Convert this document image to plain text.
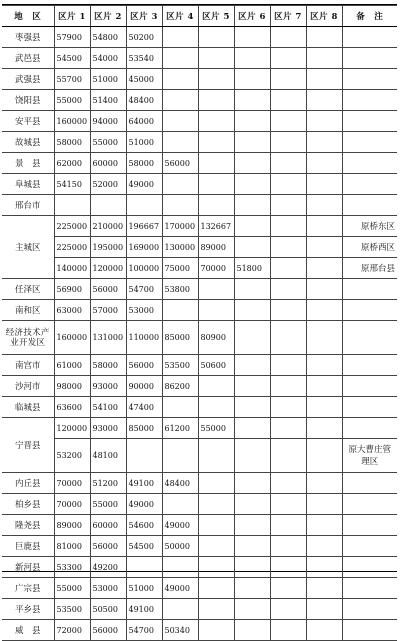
地　区	区片 1	区片 2	区片 3	区片 4	区片 5	区片 6	区片 7	区片 8	备　注
枣强县	57900	54800	50200						
武邑县	54500	54000	53540						
武强县	55700	51000	45000						
饶阳县	55000	51400	48400						
安平县	160000	94000	64000						
故城县	58000	55000	51000						
景　县	62000	60000	58000	56000					
阜城县	54150	52000	49000						
邢台市									
主城区	225000	210000	196667	170000	132667				原桥东区
	225000	195000	169000	130000	89000				原桥西区
	140000	120000	100000	75000	70000	51800			原邢台县
任泽区	56900	56000	54700	53800					
南和区	63000	57000	53000						
经济技术产业开发区	160000	131000	110000	85000	80900				
南宫市	61000	58000	56000	53500	50600				
沙河市	98000	93000	90000	86200					
临城县	63600	54100	47400						
宁晋县	120000	93000	85000	61200	55000				
	53200	48100							原大曹庄管理区
内丘县	70000	51200	49100	48400					
柏乡县	70000	55000	49000						
隆尧县	89000	60000	54600	49000					
巨鹿县	81000	56000	54500	50000					
新河县	53300	49200							
广宗县	55000	53000	51000	49000					
平乡县	53500	50500	49100						
威　县	72000	56000	54700	50340					
